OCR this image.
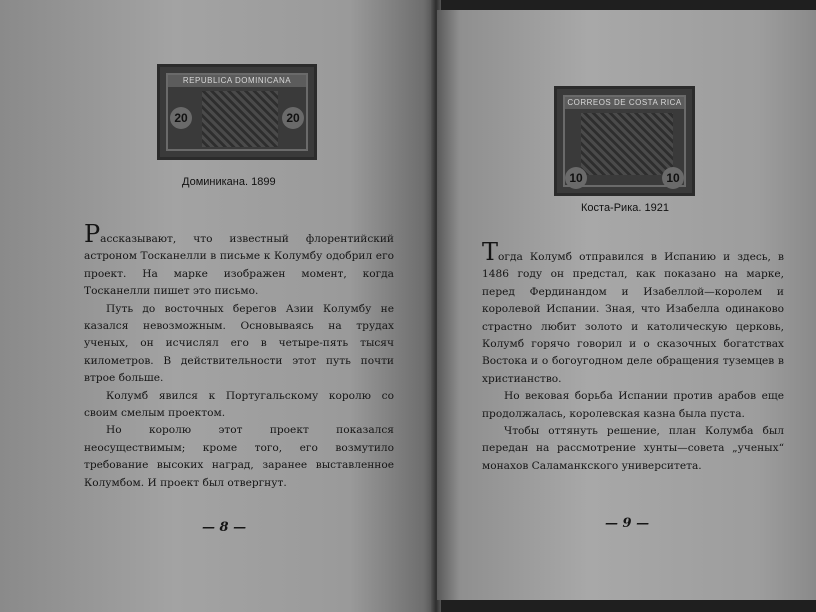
REPUBLICA DOMINICANA
20	20
Доминикана. 1899

Рассказывают, что известный флорентийский астроном Тосканелли в письме к Колумбу одобрил его проект. На марке изображен момент, когда Тосканелли пишет это письмо.

Путь до восточных берегов Азии Колумбу не казался невозможным. Основываясь на трудах ученых, он исчислял его в четыре-пять тысяч километров. В действительности этот путь почти втрое больше.

Колумб явился к Португальскому королю со своим смелым проектом.

Но королю этот проект показался неосуществимым; кроме того, его возмутило требование высоких наград, заранее выставленное Колумбом. И проект был отвергнут.

— 8 —
CORREOS DE COSTA RICA
10	10
Коста-Рика. 1921

Тогда Колумб отправился в Испанию и здесь, в 1486 году он предстал, как показано на марке, перед Фердинандом и Изабеллой—королем и королевой Испании. Зная, что Изабелла одинаково страстно любит золото и католическую церковь, Колумб горячо говорил и о сказочных богатствах Востока и о богоугодном деле обращения туземцев в христианство.

Но вековая борьба Испании против арабов еще продолжалась, королевская казна была пуста.

Чтобы оттянуть решение, план Колумба был передан на рассмотрение хунты—совета „ученых“ монахов Саламанкского университета.

— 9 —
